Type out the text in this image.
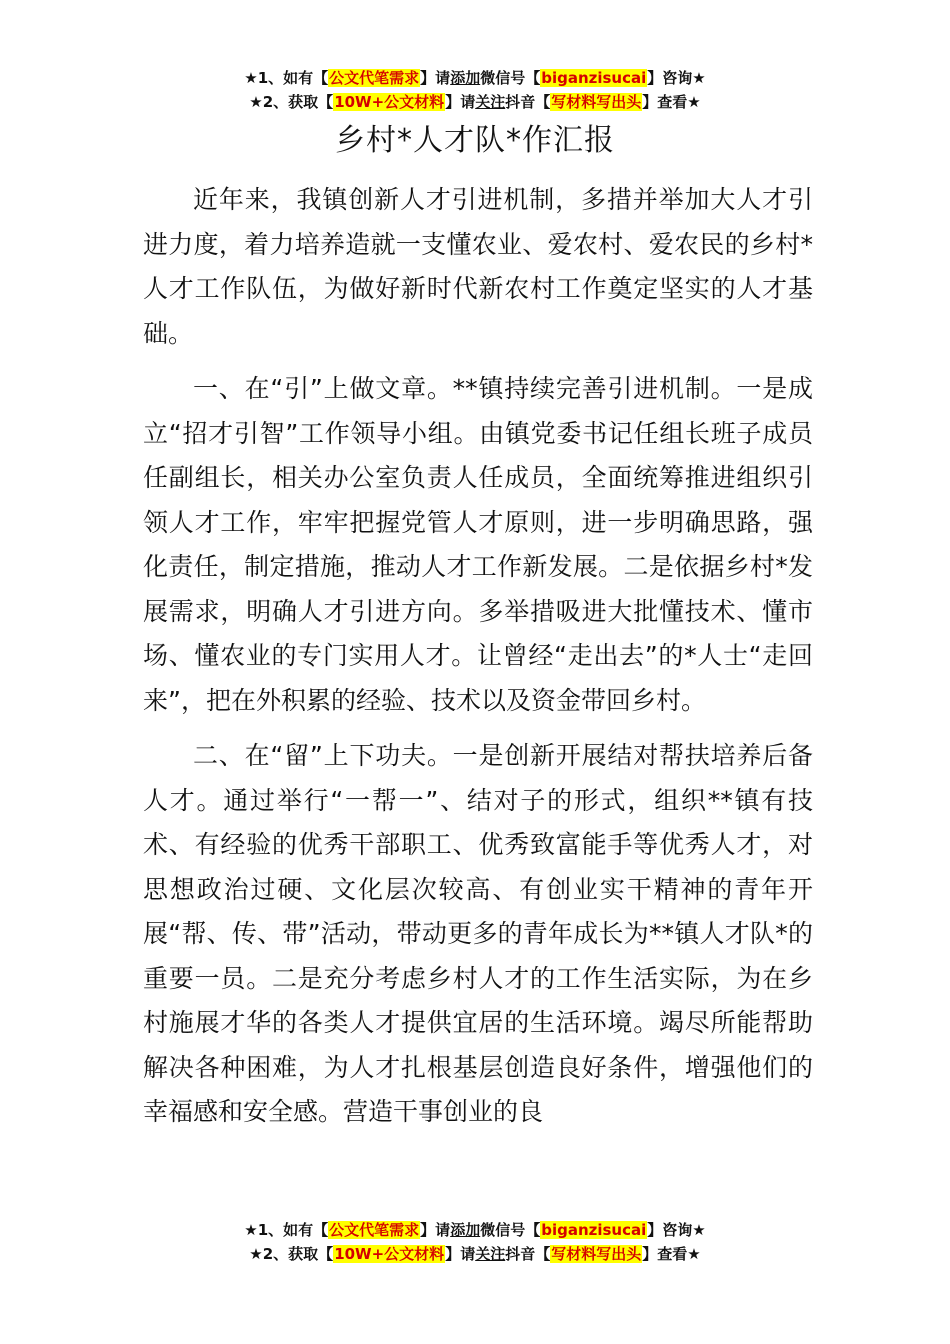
★1、如有【公文代笔需求】请添加微信号【biganzisucai】咨询★
★2、获取【10W+公文材料】请关注抖音【写材料写出头】查看★
乡村*人才队*作汇报

近年来，我镇创新人才引进机制，多措并举加大人才引进力度，着力培养造就一支懂农业、爱农村、爱农民的乡村*人才工作队伍，为做好新时代新农村工作奠定坚实的人才基础。

一、在“引”上做文章。**镇持续完善引进机制。一是成立“招才引智”工作领导小组。由镇党委书记任组长班子成员任副组长，相关办公室负责人任成员，全面统筹推进组织引领人才工作，牢牢把握党管人才原则，进一步明确思路，强化责任，制定措施，推动人才工作新发展。二是依据乡村*发展需求，明确人才引进方向。多举措吸进大批懂技术、懂市场、懂农业的专门实用人才。让曾经“走出去”的*人士“走回来”，把在外积累的经验、技术以及资金带回乡村。

二、在“留”上下功夫。一是创新开展结对帮扶培养后备人才。通过举行“一帮一”、结对子的形式，组织**镇有技术、有经验的优秀干部职工、优秀致富能手等优秀人才，对思想政治过硬、文化层次较高、有创业实干精神的青年开展“帮、传、带”活动，带动更多的青年成长为**镇人才队*的重要一员。二是充分考虑乡村人才的工作生活实际，为在乡村施展才华的各类人才提供宜居的生活环境。竭尽所能帮助解决各种困难，为人才扎根基层创造良好条件，增强他们的幸福感和安全感。营造干事创业的良

★1、如有【公文代笔需求】请添加微信号【biganzisucai】咨询★
★2、获取【10W+公文材料】请关注抖音【写材料写出头】查看★
